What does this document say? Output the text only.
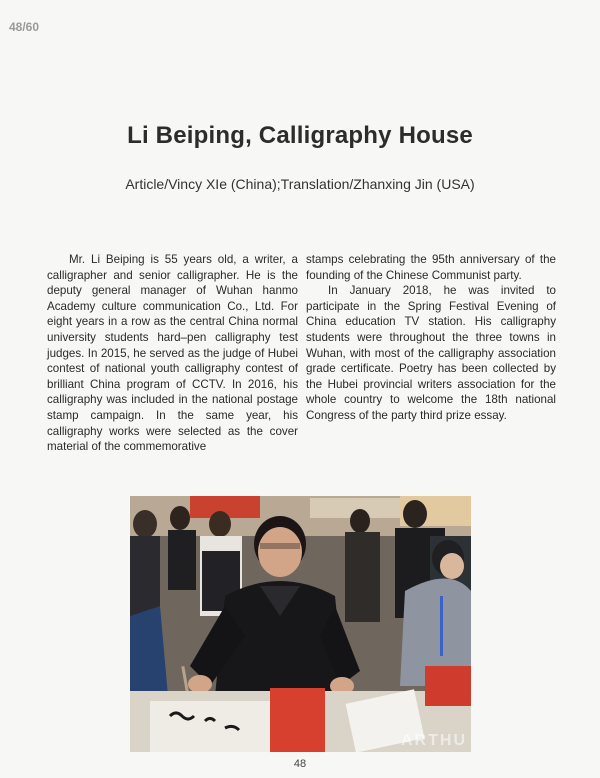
48/60
Li Beiping, Calligraphy House
Article/Vincy XIe (China);Translation/Zhanxing Jin (USA)

Mr. Li Beiping is 55 years old, a writer, a calligrapher and senior calligrapher. He is the deputy general manager of Wuhan hanmo Academy culture communication Co., Ltd. For eight years in a row as the central China normal university students hard–pen calligraphy test judges. In 2015, he served as the judge of Hubei contest of national youth calligraphy contest of brilliant China program of CCTV. In 2016, his calligraphy was included in the national postage stamp campaign. In the same year, his calligraphy works were selected as the cover material of the commemorative

stamps celebrating the 95th anniversary of the founding of the Chinese Communist party.

In January 2018, he was invited to participate in the Spring Festival Evening of China education TV station. His calligraphy students were throughout the three towns in Wuhan, with most of the calligraphy association grade certificate. Poetry has been collected by the Hubei provincial writers association for the whole country to welcome the 18th national Congress of the party third prize essay.

ARTHU
48
